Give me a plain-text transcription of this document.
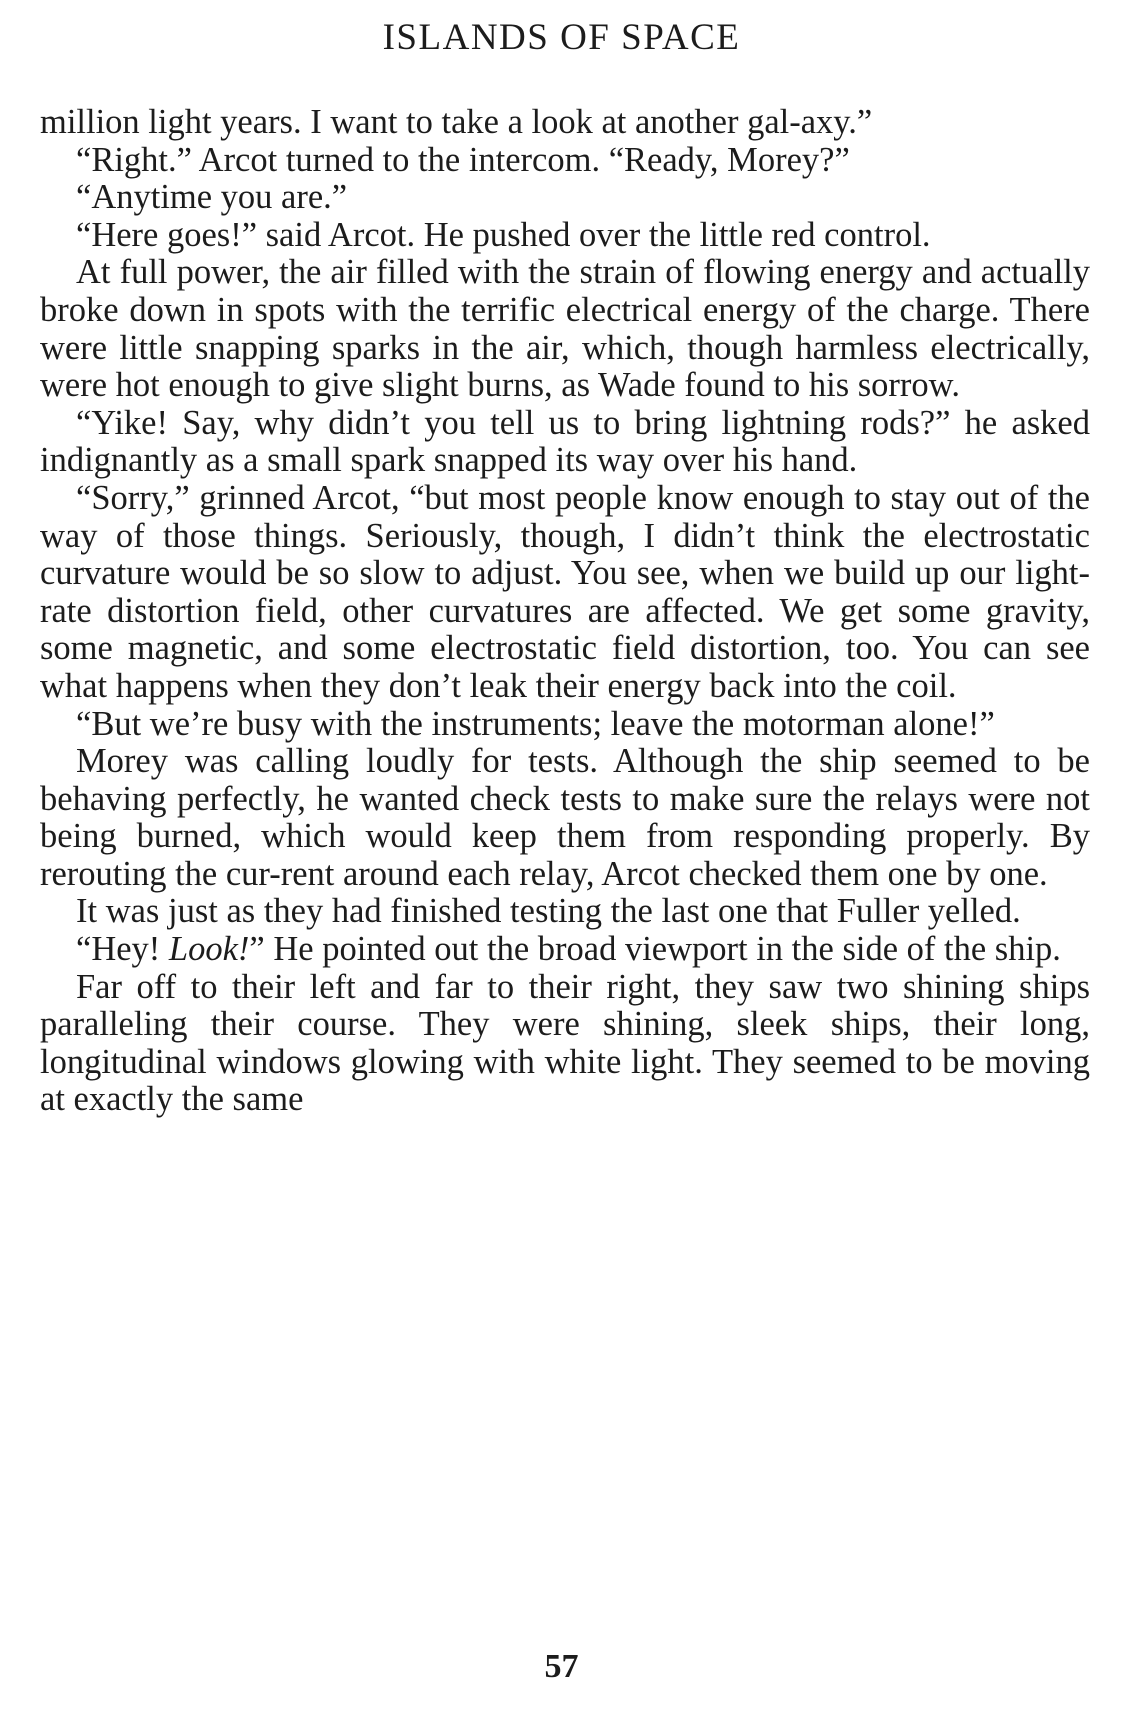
ISLANDS OF SPACE

million light years. I want to take a look at another gal-axy.”

“Right.” Arcot turned to the intercom. “Ready, Morey?”

“Anytime you are.”

“Here goes!” said Arcot. He pushed over the little red control.

At full power, the air filled with the strain of flowing energy and actually broke down in spots with the terrific electrical energy of the charge. There were little snapping sparks in the air, which, though harmless electrically, were hot enough to give slight burns, as Wade found to his sorrow.

“Yike! Say, why didn’t you tell us to bring lightning rods?” he asked indignantly as a small spark snapped its way over his hand.

“Sorry,” grinned Arcot, “but most people know enough to stay out of the way of those things. Seriously, though, I didn’t think the electrostatic curvature would be so slow to adjust. You see, when we build up our light-rate distortion field, other curvatures are affected. We get some gravity, some magnetic, and some electrostatic field distortion, too. You can see what happens when they don’t leak their energy back into the coil.

“But we’re busy with the instruments; leave the motorman alone!”

Morey was calling loudly for tests. Although the ship seemed to be behaving perfectly, he wanted check tests to make sure the relays were not being burned, which would keep them from responding properly. By rerouting the cur-rent around each relay, Arcot checked them one by one.

It was just as they had finished testing the last one that Fuller yelled.

“Hey! Look!” He pointed out the broad viewport in the side of the ship.

Far off to their left and far to their right, they saw two shining ships paralleling their course. They were shining, sleek ships, their long, longitudinal windows glowing with white light. They seemed to be moving at exactly the same

57
